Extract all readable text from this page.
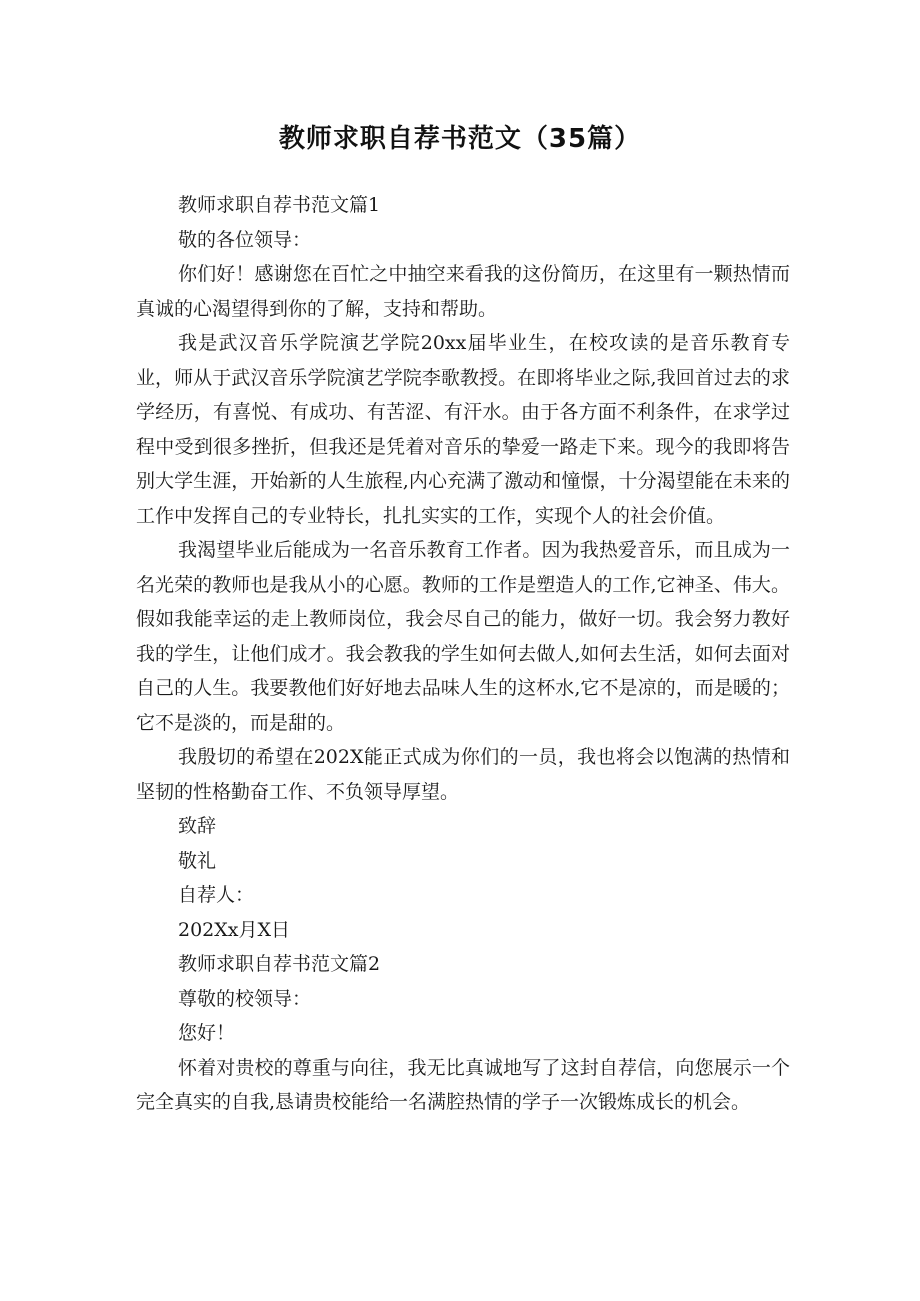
教师求职自荐书范文（35篇）

教师求职自荐书范文篇1

敬的各位领导：

你们好！感谢您在百忙之中抽空来看我的这份简历，在这里有一颗热情而真诚的心渴望得到你的了解，支持和帮助。

我是武汉音乐学院演艺学院20xx届毕业生，在校攻读的是音乐教育专业，师从于武汉音乐学院演艺学院李歌教授。在即将毕业之际,我回首过去的求学经历，有喜悦、有成功、有苦涩、有汗水。由于各方面不利条件，在求学过程中受到很多挫折，但我还是凭着对音乐的挚爱一路走下来。现今的我即将告别大学生涯，开始新的人生旅程,内心充满了激动和憧憬，十分渴望能在未来的工作中发挥自己的专业特长，扎扎实实的工作，实现个人的社会价值。

我渴望毕业后能成为一名音乐教育工作者。因为我热爱音乐，而且成为一名光荣的教师也是我从小的心愿。教师的工作是塑造人的工作,它神圣、伟大。假如我能幸运的走上教师岗位，我会尽自己的能力，做好一切。我会努力教好我的学生，让他们成才。我会教我的学生如何去做人,如何去生活，如何去面对自己的人生。我要教他们好好地去品味人生的这杯水,它不是凉的，而是暖的；它不是淡的，而是甜的。

我殷切的希望在202X能正式成为你们的一员，我也将会以饱满的热情和坚韧的性格勤奋工作、不负领导厚望。

致辞

敬礼

自荐人：

202Xx月X日

教师求职自荐书范文篇2

尊敬的校领导：

您好！

怀着对贵校的尊重与向往，我无比真诚地写了这封自荐信，向您展示一个完全真实的自我,恳请贵校能给一名满腔热情的学子一次锻炼成长的机会。
